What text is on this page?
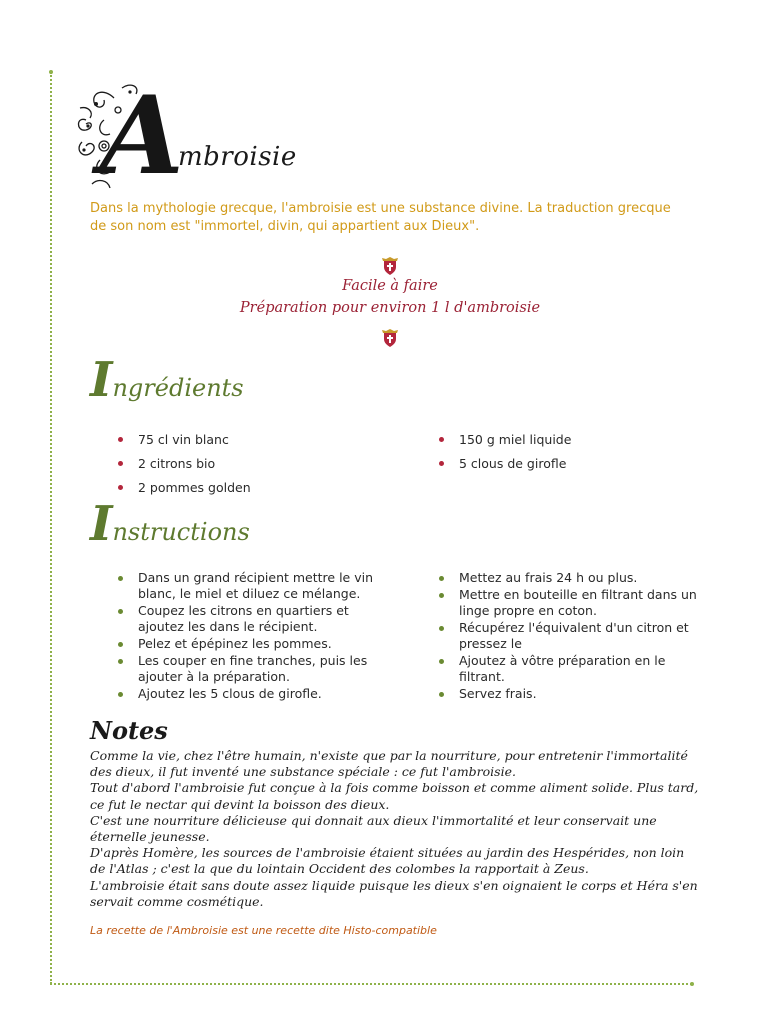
A
mbroisie
Dans la mythologie grecque, l'ambroisie est une substance divine. La traduction grecque de son nom est "immortel, divin, qui appartient aux Dieux".
Facile à faire
Préparation pour environ 1 l d'ambroisie
Ingrédients
75 cl vin blanc
2 citrons bio
2 pommes golden
150 g miel liquide
5 clous de girofle
Instructions
Dans un grand récipient mettre le vin blanc, le miel et diluez ce mélange.
Coupez les citrons en quartiers et ajoutez les dans le récipient.
Pelez et épépinez les pommes.
Les couper en fine tranches, puis les ajouter à la préparation.
Ajoutez les 5 clous de girofle.
Mettez au frais 24 h ou plus.
Mettre en bouteille en filtrant dans un linge propre en coton.
Récupérez l'équivalent d'un citron et pressez le
Ajoutez à vôtre préparation en le filtrant.
Servez frais.
Notes

Comme la vie, chez l'être humain, n'existe que par la nourriture, pour entretenir l'immortalité des dieux, il fut inventé une substance spéciale : ce fut l'ambroisie.

Tout d'abord l'ambroisie fut conçue à la fois comme boisson et comme aliment solide. Plus tard, ce fut le nectar qui devint la boisson des dieux.

C'est une nourriture délicieuse qui donnait aux dieux l'immortalité et leur conservait une éternelle jeunesse.

D'après Homère, les sources de l'ambroisie étaient situées au jardin des Hespérides, non loin de l'Atlas ; c'est la que du lointain Occident des colombes la rapportait à Zeus.

L'ambroisie était sans doute assez liquide puisque les dieux s'en oignaient le corps et Héra s'en servait comme cosmétique.

La recette de l'Ambroisie est une recette dite Histo-compatible
